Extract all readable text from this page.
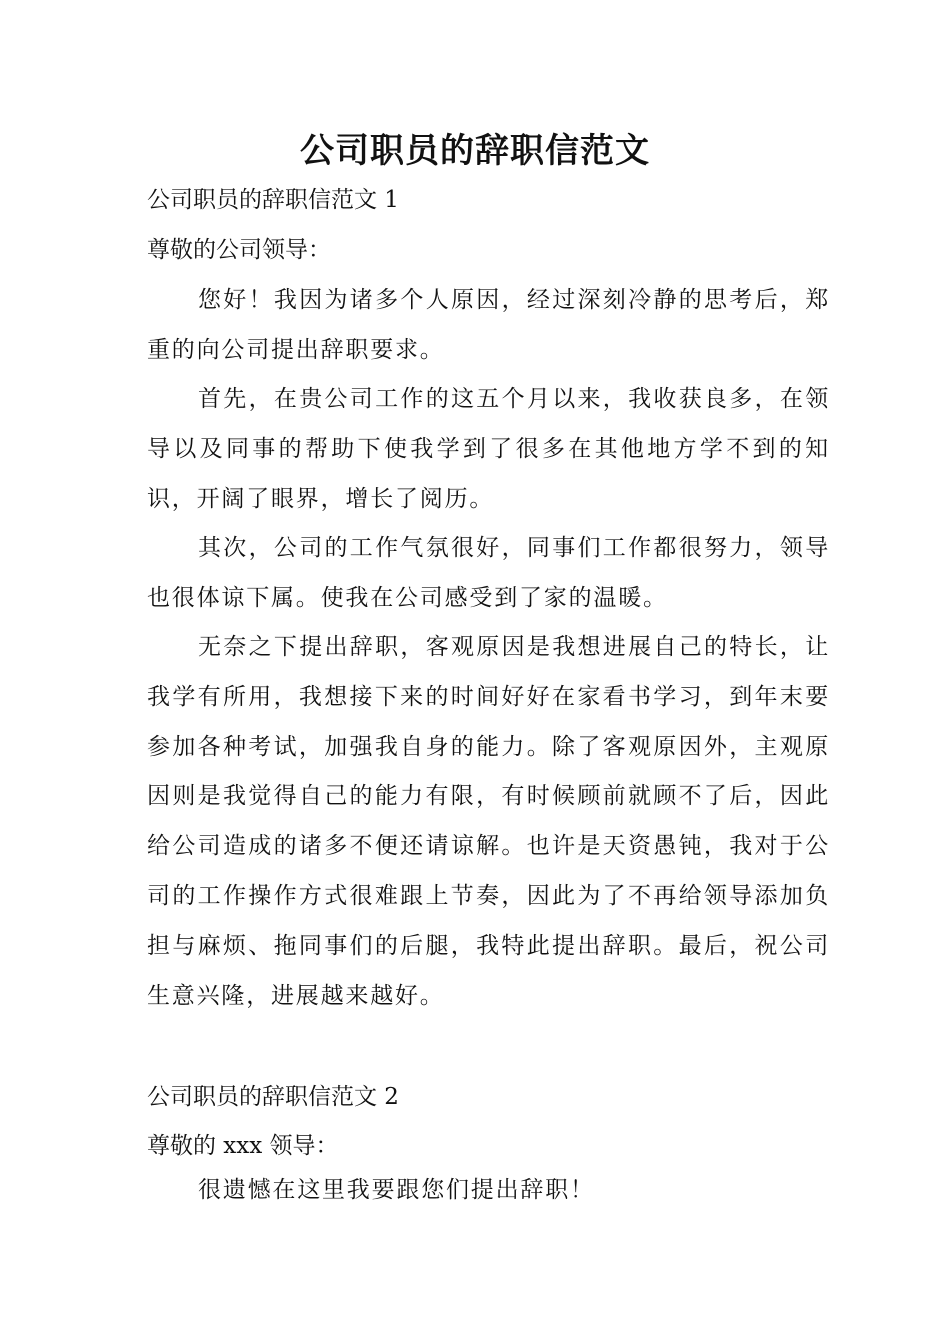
公司职员的辞职信范文
公司职员的辞职信范文 1
尊敬的公司领导：
您好！我因为诸多个人原因，经过深刻冷静的思考后，郑重的向公司提出辞职要求。
首先，在贵公司工作的这五个月以来，我收获良多，在领导以及同事的帮助下使我学到了很多在其他地方学不到的知识，开阔了眼界，增长了阅历。
其次，公司的工作气氛很好，同事们工作都很努力，领导也很体谅下属。使我在公司感受到了家的温暖。
无奈之下提出辞职，客观原因是我想进展自己的特长，让我学有所用，我想接下来的时间好好在家看书学习，到年末要参加各种考试，加强我自身的能力。除了客观原因外，主观原因则是我觉得自己的能力有限，有时候顾前就顾不了后，因此给公司造成的诸多不便还请谅解。也许是天资愚钝，我对于公司的工作操作方式很难跟上节奏，因此为了不再给领导添加负担与麻烦、拖同事们的后腿，我特此提出辞职。最后，祝公司生意兴隆，进展越来越好。
公司职员的辞职信范文 2
尊敬的 xxx 领导：
很遗憾在这里我要跟您们提出辞职！
